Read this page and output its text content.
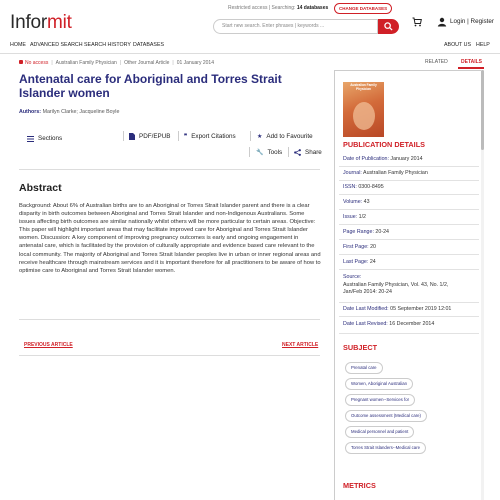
Informit
Restricted access | Searching: 14 databases	CHANGE DATABASES
Start new search. Enter phrases | keywords ...
Login | Register
HOME ADVANCED SEARCH SEARCH HISTORY DATABASES	ABOUT US HELP
No access | Australian Family Physician | Other Journal Article | 01 January 2014
Antenatal care for Aboriginal and Torres Strait Islander women
Authors: Marilyn Clarke; Jacqueline Boyle
Sections	PDF/EPUB ❞ Export Citations	★ Add to Favourite
🔧 Tools	Share
Abstract
Background: About 6% of Australian births are to an Aboriginal or Torres Strait Islander parent and there is a clear disparity in birth outcomes between Aboriginal and Torres Strait Islander and non-Indigenous Australians. Some issues affecting birth outcomes are similar nationally whilst others will be more particular to certain areas. Objective: This paper will highlight important areas that may facilitate improved care for Aboriginal and Torres Strait Islander women. Discussion: A key component of improving pregnancy outcomes is early and ongoing engagement in antenatal care, which is facilitated by the provision of culturally appropriate and evidence based care relevant to the local community. The majority of Aboriginal and Torres Strait Islander peoples live in urban or inner regional areas and receive healthcare through mainstream services and it is important therefore for all practitioners to be aware of how to optimise care to Aboriginal and Torres Strait Islander women.
PREVIOUS ARTICLE	NEXT ARTICLE
RELATED	DETAILS
Australian Family Physician
PUBLICATION DETAILS
Date of Publication: January 2014
Journal: Australian Family Physician
ISSN: 0300-8495
Volume: 43
Issue: 1/2
Page Range: 20-24
First Page: 20
Last Page: 24
Source:
Australian Family Physician, Vol. 43, No. 1/2,
Jan/Feb 2014: 20-24
Date Last Modified: 05 September 2019 12:01
Date Last Revised: 16 December 2014
SUBJECT
Prenatal care
Women, Aboriginal Australian
Pregnant women--Services for
Outcome assessment (Medical care)
Medical personnel and patient
Torres Strait Islanders--Medical care
METRICS
